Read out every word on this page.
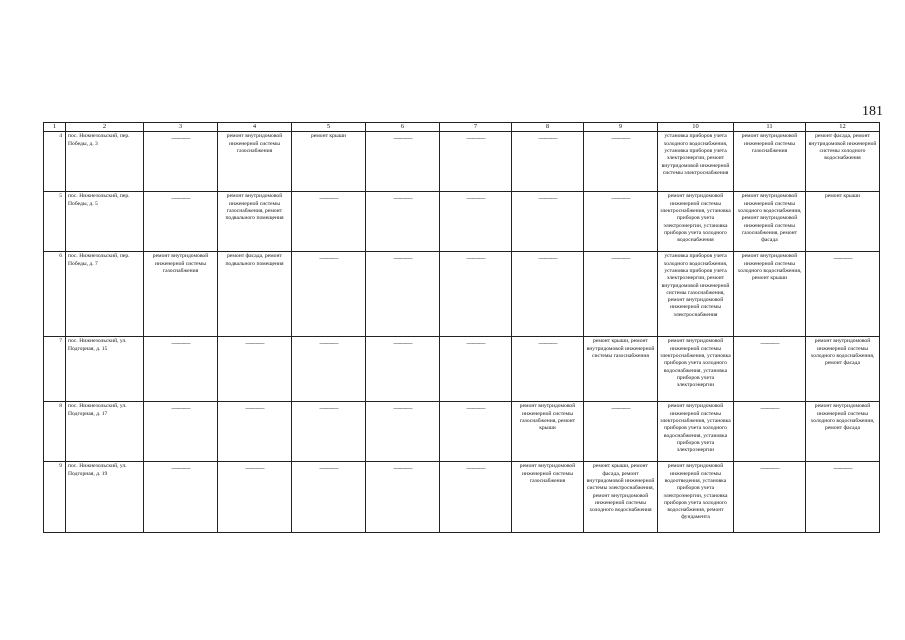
181
1	2	3	4	5	6	7	8	9	10	11	12
4	пос. Нижнезольский, пер. Победы, д. 3	———	ремонт внутридомовой инженерной системы газоснабжения	ремонт крыши	———	———	———	———	установка приборов учета холодного водоснабжения, установка приборов учета электроэнергии, ремонт внутридомовой инженерной системы электроснабжения	ремонт внутридомовой инженерной системы газоснабжения	ремонт фасада, ремонт внутридомовой инженерной системы холодного водоснабжения
5	пос. Нижнезольский, пер. Победы, д. 5	———	ремонт внутридомовой инженерной системы газоснабжения, ремонт подвального помещения	———	———	———	———	———	ремонт внутридомовой инженерной системы электроснабжения, установка приборов учета электроэнергии, установка приборов учета холодного водоснабжения	ремонт внутридомовой инженерной системы холодного водоснабжения, ремонт внутридомовой инженерной системы газоснабжения, ремонт фасада	ремонт крыши
6	пос. Нижнезольский, пер. Победы, д. 7	ремонт внутридомовой инженерной системы газоснабжения	ремонт фасада, ремонт подвального помещения	———	———	———	———	———	установка приборов учета холодного водоснабжения, установка приборов учета электроэнергии, ремонт внутридомовой инженерной системы газоснабжения, ремонт внутридомовой инженерной системы электроснабжения	ремонт внутридомовой инженерной системы холодного водоснабжения, ремонт крыши	———

7	пос. Нижнезольский, ул. Подгорная, д. 15	———	———	———	———	———	———	ремонт крыши, ремонт внутридомовой инженерной системы газоснабжения	ремонт внутридомовой инженерной системы электроснабжения, установка приборов учета холодного водоснабжения, установка приборов учета электроэнергии	———	ремонт внутридомовой инженерной системы холодного водоснабжения, ремонт фасада
8	пос. Нижнезольский, ул. Подгорная, д. 17	———	———	———	———	———	ремонт внутридомовой инженерной системы газоснабжения, ремонт крыши	———	ремонт внутридомовой инженерной системы электроснабжения, установка приборов учета холодного водоснабжения, установка приборов учета электроэнергии	———	ремонт внутридомовой инженерной системы холодного водоснабжения, ремонт фасада
9	пос. Нижнезольский, ул. Подгорная, д. 19	———	———	———	———	———	ремонт внутридомовой инженерной системы газоснабжения	ремонт крыши, ремонт фасада, ремонт внутридомовой инженерной системы электроснабжения, ремонт внутридомовой инженерной системы холодного водоснабжения	ремонт внутридомовой инженерной системы водоотведения, установка приборов учета электроэнергии, установка приборов учета холодного водоснабжения, ремонт фундамента	———	———
